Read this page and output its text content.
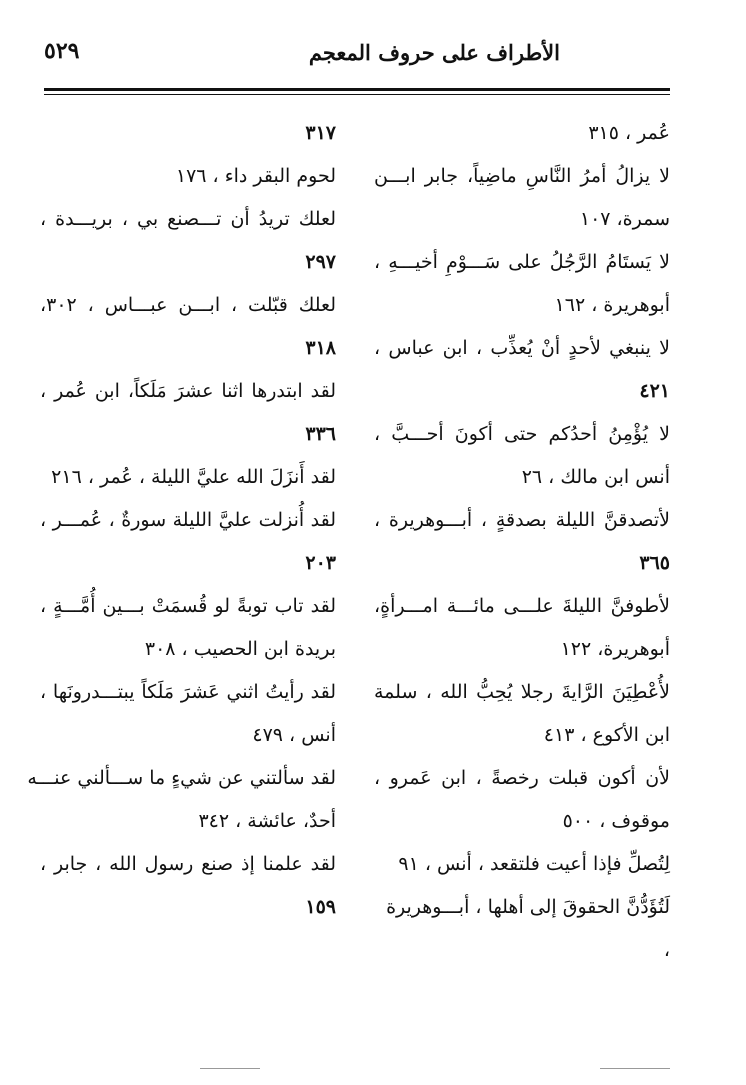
الأطراف على حروف المعجم
٥٢٩
عُمر ، ٣١٥
لا يزالُ أمرُ النَّاسِ ماضِياً، جابر ابـــن
سمرة، ١٠٧
لا يَستَامُ الرَّجُلُ على سَـــوْمِ أخيـــهِ ،
أبوهريرة ، ١٦٢
لا ينبغي لأحدٍ أنْ يُعذِّب ، ابن عباس ،
٤٢١
لا يُؤْمِنُ أحدُكم حتى أكونَ أحـــبَّ ،
أنس ابن مالك ، ٢٦
لأتصدقنَّ الليلة بصدقةٍ ، أبـــوهريرة ،
٣٦٥
لأطوفنَّ الليلةَ علـــى مائـــة امـــرأةٍ،
أبوهريرة، ١٢٢
لأُعْطِيَنَ الرَّايةَ رجلا يُحِبُّ الله ، سلمة
ابن الأكوع ، ٤١٣
لأن أكون قبلت رخصةً ، ابن عَمرو ،
موقوف ، ٥٠٠
لِتُصلِّ فإذا أعيت فلتقعد ، أنس ، ٩١
لَتُؤَدُّنَّ الحقوقَ إلى أهلها ، أبـــوهريرة ،
٣١٧
لحوم البقر داء ، ١٧٦
لعلك تريدُ أن تـــصنع بي ، بريـــدة ،
٢٩٧
لعلك قبّلت ، ابـــن عبـــاس ، ٣٠٢،
٣١٨
لقد ابتدرها اثنا عشرَ مَلَكاً، ابن عُمر ،
٣٣٦
لقد أَنزَلَ الله عليَّ الليلة ، عُمر ، ٢١٦
لقد أُنزلت عليَّ الليلة سورةٌ ، عُمـــر ،
٢٠٣
لقد تاب توبةً لو قُسمَتْ بـــين أُمَّـــةٍ ،
بريدة ابن الحصيب ، ٣٠٨
لقد رأيتُ اثني عَشرَ مَلَكاً يبتـــدرونَها ،
أنس ، ٤٧٩
لقد سألتني عن شيءٍ ما ســـألني عنـــه
أحدٌ، عائشة ، ٣٤٢
لقد علمنا إذ صنع رسول الله ، جابر ،
١٥٩
